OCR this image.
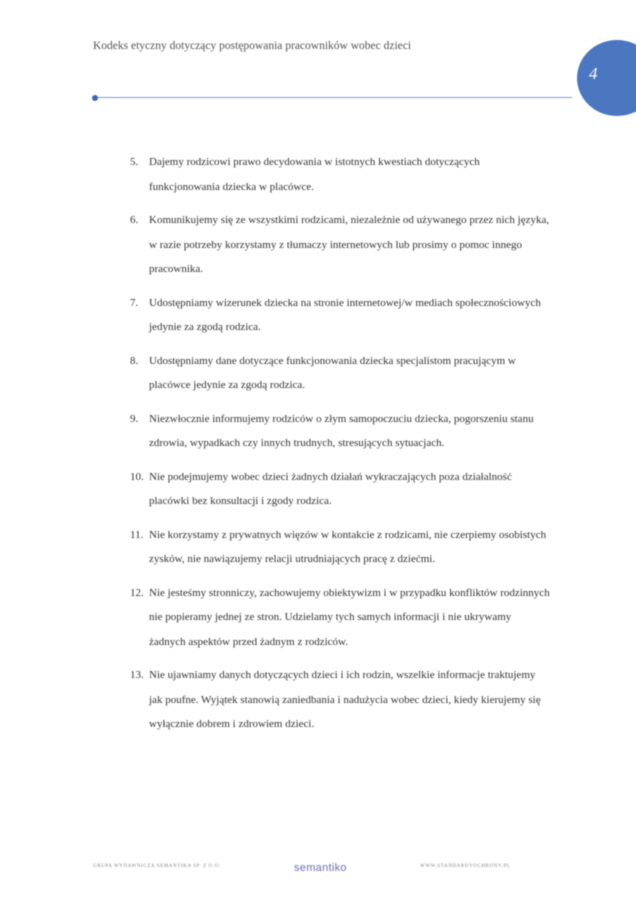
Kodeks etyczny dotyczący postępowania pracowników wobec dzieci
4
5. Dajemy rodzicowi prawo decydowania w istotnych kwestiach dotyczących funkcjonowania dziecka w placówce.
6. Komunikujemy się ze wszystkimi rodzicami, niezależnie od używanego przez nich języka, w razie potrzeby korzystamy z tłumaczy internetowych lub prosimy o pomoc innego pracownika.
7. Udostępniamy wizerunek dziecka na stronie internetowej/w mediach społecznościowych jedynie za zgodą rodzica.
8. Udostępniamy dane dotyczące funkcjonowania dziecka specjalistom pracującym w placówce jedynie za zgodą rodzica.
9. Niezwłocznie informujemy rodziców o złym samopoczuciu dziecka, pogorszeniu stanu zdrowia, wypadkach czy innych trudnych, stresujących sytuacjach.
10. Nie podejmujemy wobec dzieci żadnych działań wykraczających poza działalność placówki bez konsultacji i zgody rodzica.
11. Nie korzystamy z prywatnych więzów w kontakcie z rodzicami, nie czerpiemy osobistych zysków, nie nawiązujemy relacji utrudniających pracę z dziećmi.
12. Nie jesteśmy stronniczy, zachowujemy obiektywizm i w przypadku konfliktów rodzinnych nie popieramy jednej ze stron. Udzielamy tych samych informacji i nie ukrywamy żadnych aspektów przed żadnym z rodziców.
13. Nie ujawniamy danych dotyczących dzieci i ich rodzin, wszelkie informacje traktujemy jak poufne. Wyjątek stanowią zaniedbania i nadużycia wobec dzieci, kiedy kierujemy się wyłącznie dobrem i zdrowiem dzieci.
GRUPA WYDAWNICZA SEMANTIKA SP. Z O.O.	semantiko	WWW.STANDARDYOCHRONY.PL
